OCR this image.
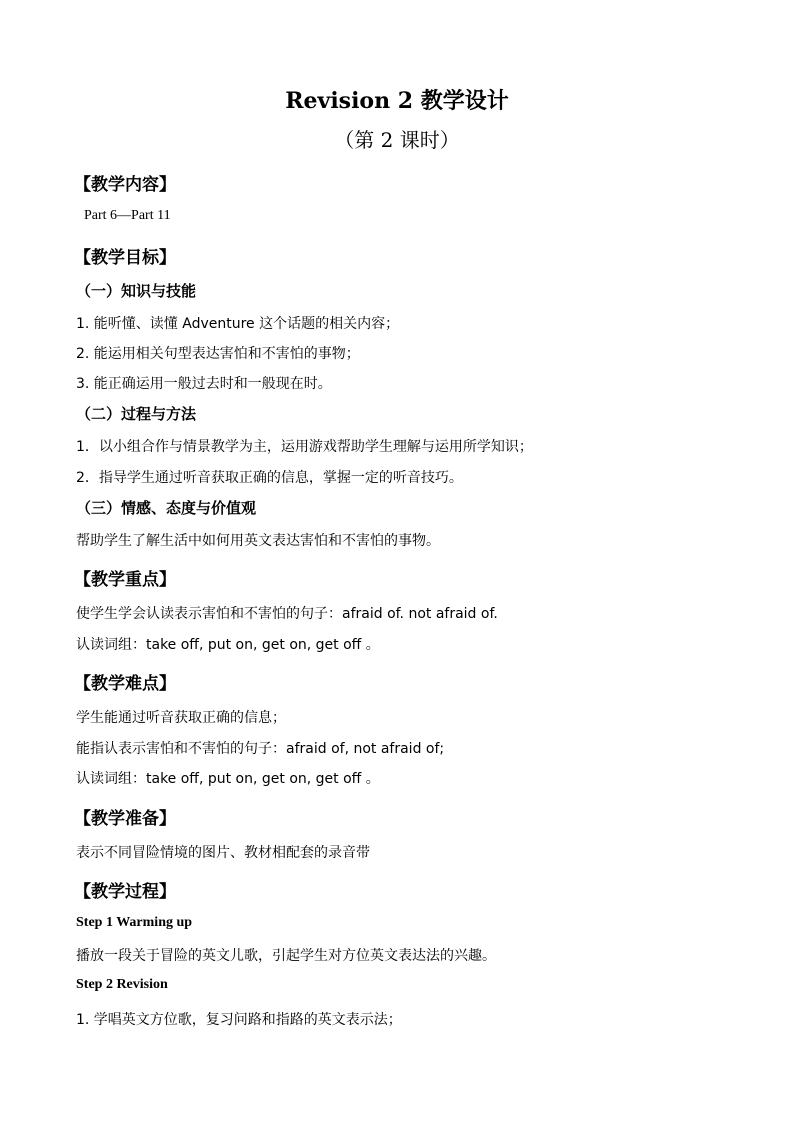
Revision 2 教学设计
（第 2 课时）
【教学内容】
Part 6—Part 11
【教学目标】
（一）知识与技能
1. 能听懂、读懂 Adventure 这个话题的相关内容；
2. 能运用相关句型表达害怕和不害怕的事物；
3. 能正确运用一般过去时和一般现在时。
（二）过程与方法
1．以小组合作与情景教学为主，运用游戏帮助学生理解与运用所学知识；
2．指导学生通过听音获取正确的信息，掌握一定的听音技巧。
（三）情感、态度与价值观
帮助学生了解生活中如何用英文表达害怕和不害怕的事物。
【教学重点】
使学生学会认读表示害怕和不害怕的句子：afraid of. not afraid of.
认读词组：take off, put on, get on, get off 。
【教学难点】
学生能通过听音获取正确的信息；
能指认表示害怕和不害怕的句子：afraid of, not afraid of;
认读词组：take off, put on, get on, get off 。
【教学准备】
表示不同冒险情境的图片、教材相配套的录音带
【教学过程】
Step 1 Warming up
播放一段关于冒险的英文儿歌，引起学生对方位英文表达法的兴趣。
Step 2 Revision
1. 学唱英文方位歌，复习问路和指路的英文表示法；
